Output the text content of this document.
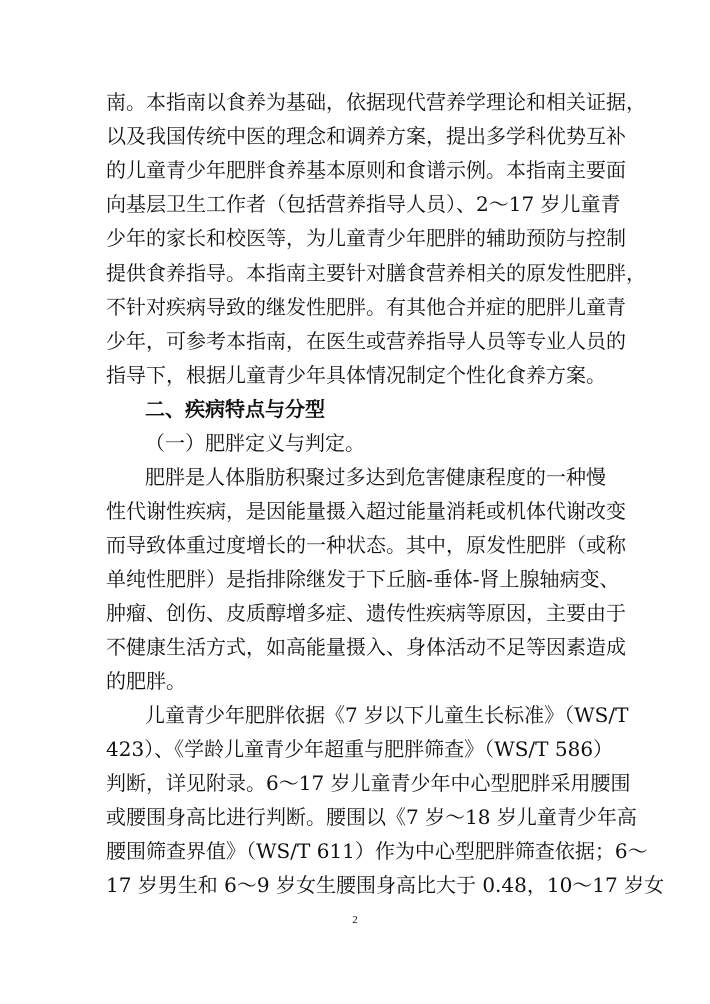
南。本指南以食养为基础，依据现代营养学理论和相关证据，
以及我国传统中医的理念和调养方案，提出多学科优势互补
的儿童青少年肥胖食养基本原则和食谱示例。本指南主要面
向基层卫生工作者（包括营养指导人员）、2～17 岁儿童青
少年的家长和校医等，为儿童青少年肥胖的辅助预防与控制
提供食养指导。本指南主要针对膳食营养相关的原发性肥胖，
不针对疾病导致的继发性肥胖。有其他合并症的肥胖儿童青
少年，可参考本指南，在医生或营养指导人员等专业人员的
指导下，根据儿童青少年具体情况制定个性化食养方案。
二、疾病特点与分型
（一）肥胖定义与判定。
肥胖是人体脂肪积聚过多达到危害健康程度的一种慢
性代谢性疾病，是因能量摄入超过能量消耗或机体代谢改变
而导致体重过度增长的一种状态。其中，原发性肥胖（或称
单纯性肥胖）是指排除继发于下丘脑-垂体-肾上腺轴病变、
肿瘤、创伤、皮质醇增多症、遗传性疾病等原因，主要由于
不健康生活方式，如高能量摄入、身体活动不足等因素造成
的肥胖。
儿童青少年肥胖依据《7 岁以下儿童生长标准》（WS/T
423）、《学龄儿童青少年超重与肥胖筛查》（WS/T 586）
判断，详见附录。6～17 岁儿童青少年中心型肥胖采用腰围
或腰围身高比进行判断。腰围以《7 岁～18 岁儿童青少年高
腰围筛查界值》（WS/T 611）作为中心型肥胖筛查依据；6～
17 岁男生和 6～9 岁女生腰围身高比大于 0.48，10～17 岁女
2
